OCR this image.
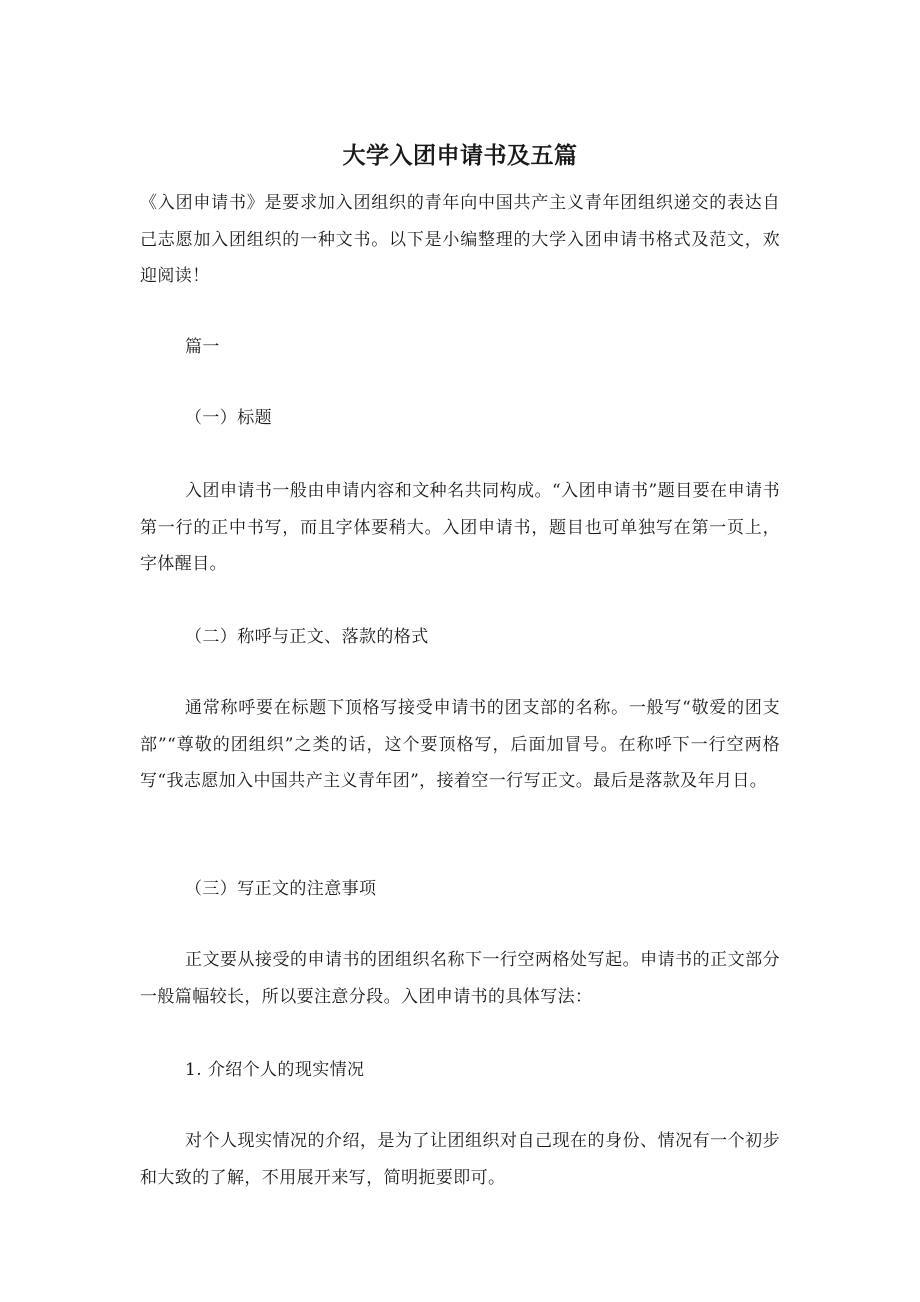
大学入团申请书及五篇

《入团申请书》是要求加入团组织的青年向中国共产主义青年团组织递交的表达自己志愿加入团组织的一种文书。以下是小编整理的大学入团申请书格式及范文，欢迎阅读！

篇一

（一）标题

入团申请书一般由申请内容和文种名共同构成。“入团申请书”题目要在申请书第一行的正中书写，而且字体要稍大。入团申请书，题目也可单独写在第一页上，字体醒目。

（二）称呼与正文、落款的格式

通常称呼要在标题下顶格写接受申请书的团支部的名称。一般写“敬爱的团支部”“尊敬的团组织”之类的话，这个要顶格写，后面加冒号。在称呼下一行空两格写“我志愿加入中国共产主义青年团”，接着空一行写正文。最后是落款及年月日。

（三）写正文的注意事项

正文要从接受的申请书的团组织名称下一行空两格处写起。申请书的正文部分一般篇幅较长，所以要注意分段。入团申请书的具体写法：

1. 介绍个人的现实情况

对个人现实情况的介绍，是为了让团组织对自己现在的身份、情况有一个初步和大致的了解，不用展开来写，简明扼要即可。
